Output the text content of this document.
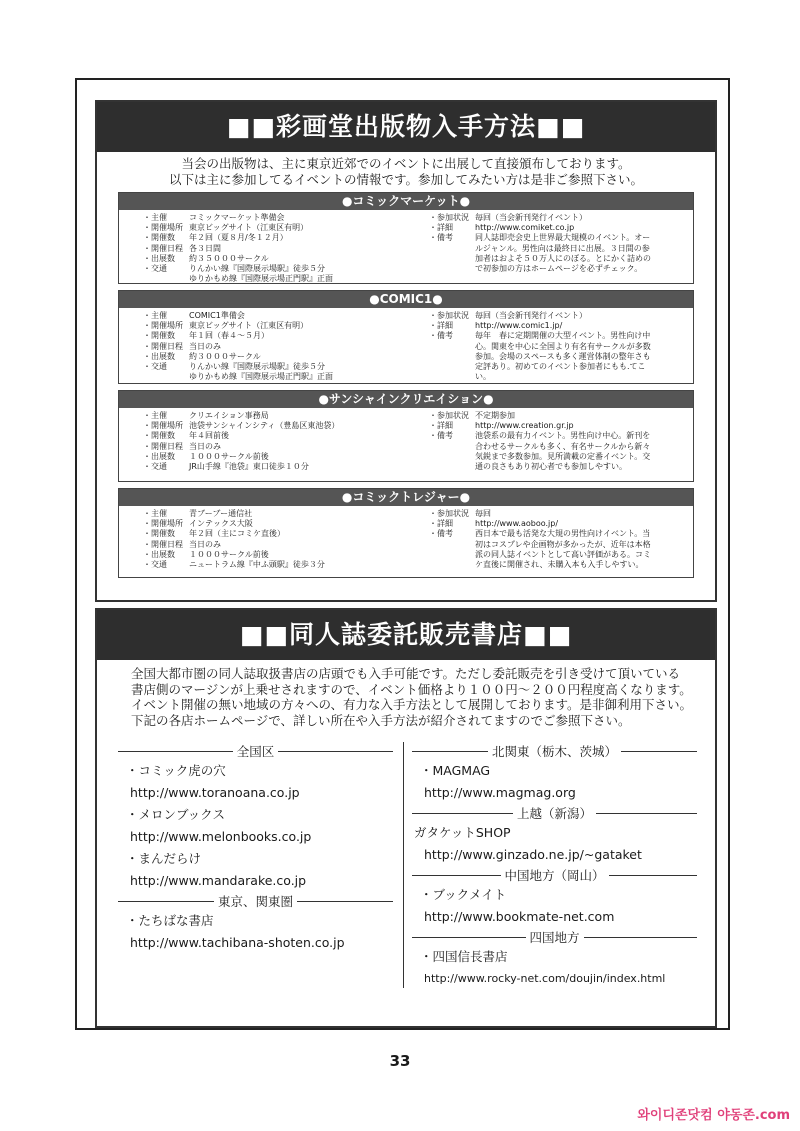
■■彩画堂出版物入手方法■■
当会の出版物は、主に東京近郊でのイベントに出展して直接頒布しております。
以下は主に参加してるイベントの情報です。参加してみたい方は是非ご参照下さい。
●コミックマーケット●
・主催	コミックマーケット準備会
・開催場所 東京ビッグサイト（江東区有明）
・開催数	年２回（夏８月/冬１２月）
・開催日程 各３日間
・出展数	約３５０００サークル
・交通	りんかい線『国際展示場駅』徒歩５分
ゆりかもめ線『国際展示場正門駅』正面
・参加状況 毎回（当会新刊発行イベント）
・詳細	http://www.comiket.co.jp
・備考	同人誌即売会史上世界最大規模のイベント。オールジャンル。男性向は最終日に出展。３日間の参加者はおよそ５０万人にのぼる。とにかく詰めので初参加の方はホームページを必ずチェック。
●COMIC1●
・主催	COMIC1準備会
・開催場所 東京ビッグサイト（江東区有明）
・開催数	年１回（春４～５月）
・開催日程 当日のみ
・出展数	約３０００サークル
・交通	りんかい線『国際展示場駅』徒歩５分
ゆりかもめ線『国際展示場正門駅』正面
・参加状況 毎回（当会新刊発行イベント）
・詳細	http://www.comic1.jp/
・備考	毎年　春に定期開催の大型イベント。男性向け中心。関東を中心に全国より有名有サークルが多数参加。会場のスペースも多く運営体制の整年さも定評あり。初めてのイベント参加者にもも.てこい。
●サンシャインクリエイション●
・主催	クリエイション事務局
・開催場所 池袋サンシャインシティ（豊島区東池袋）
・開催数	年４回前後
・開催日程 当日のみ
・出展数	１０００サークル前後
・交通	JR山手線『池袋』東口徒歩１０分
・参加状況 不定期参加
・詳細	http://www.creation.gr.jp
・備考	池袋系の最有力イベント。男性向け中心。新刊を合わせるサークルも多く、有名サークルから新々気鋭まで多数参加。見所満載の定番イベント。交通の良さもあり初心者でも参加しやすい。
●コミックトレジャー●
・主催	青ブーブー通信社
・開催場所 インテックス大阪
・開催数	年２回（主にコミケ直後）
・開催日程 当日のみ
・出展数	１０００サークル前後
・交通	ニュートラム線『中ふ頭駅』徒歩３分
・参加状況 毎回
・詳細	http://www.aoboo.jp/
・備考	西日本で最も活発な大規の男性向けイベント。当初はコスプレや企画物が多かったが、近年は本格派の同人誌イベントとして高い評価がある。コミケ直後に開催され、未購入本も入手しやすい。
■■同人誌委託販売書店■■
全国大都市圏の同人誌取扱書店の店頭でも入手可能です。ただし委託販売を引き受けて頂いている
書店側のマージンが上乗せされますので、イベント価格より１００円～２００円程度高くなります。
イベント開催の無い地域の方々への、有力な入手方法として展開しております。是非御利用下さい。
下記の各店ホームページで、詳しい所在や入手方法が紹介されてますのでご参照下さい。
全国区
・コミック虎の穴
http://www.toranoana.co.jp
・メロンブックス
http://www.melonbooks.co.jp
・まんだらけ
http://www.mandarake.co.jp
東京、関東圏
・たちばな書店
http://www.tachibana-shoten.co.jp
北関東（栃木、茨城）
・MAGMAG
http://www.magmag.org
上越（新潟）
ガタケットSHOP
http://www.ginzado.ne.jp/~gataket
中国地方（岡山）
・ブックメイト
http://www.bookmate-net.com
四国地方
・四国信長書店
http://www.rocky-net.com/doujin/index.html
33
와이디존닷컴 야동존.com
